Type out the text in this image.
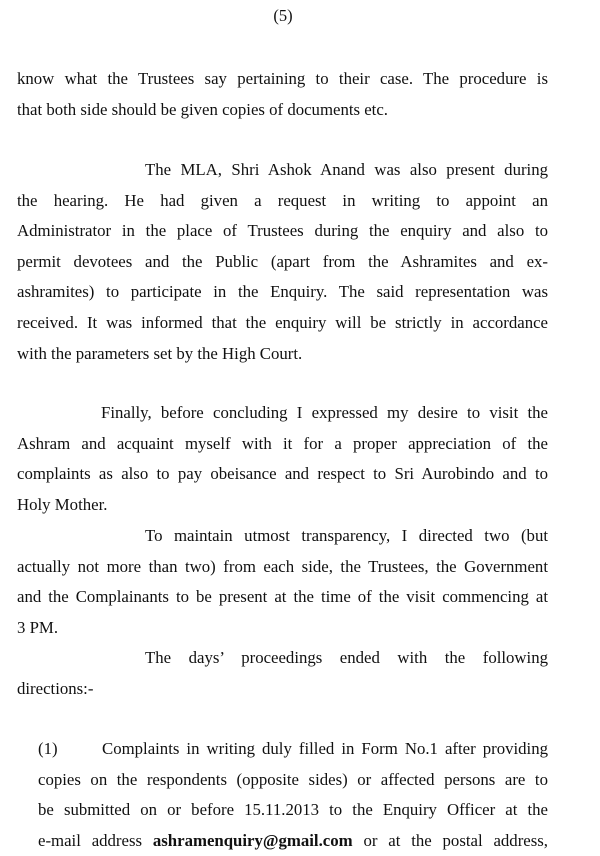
(5)
know what the Trustees say pertaining to their case. The procedure is
that both side should be given copies of documents etc.
The MLA, Shri Ashok Anand was also present during
the hearing. He had given a request in writing to appoint an
Administrator in the place of Trustees during the enquiry and also to
permit devotees and the Public (apart from the Ashramites and ex-
ashramites) to participate in the Enquiry. The said representation was
received. It was informed that the enquiry will be strictly in accordance
with the parameters set by the High Court.
Finally, before concluding I expressed my desire to visit the
Ashram and acquaint myself with it for a proper appreciation of the
complaints as also to pay obeisance and respect to Sri Aurobindo and to
Holy Mother.
To maintain utmost transparency, I directed two (but
actually not more than two) from each side, the Trustees, the Government
and the Complainants to be present at the time of the visit commencing at
3 PM.
The days’ proceedings ended with the following
directions:-
(1)	Complaints in writing duly filled in Form No.1 after providing
copies on the respondents (opposite sides) or affected persons are to
be submitted on or before 15.11.2013 to the Enquiry Officer at the
e-mail address ashramenquiry@gmail.com or at the postal address,
